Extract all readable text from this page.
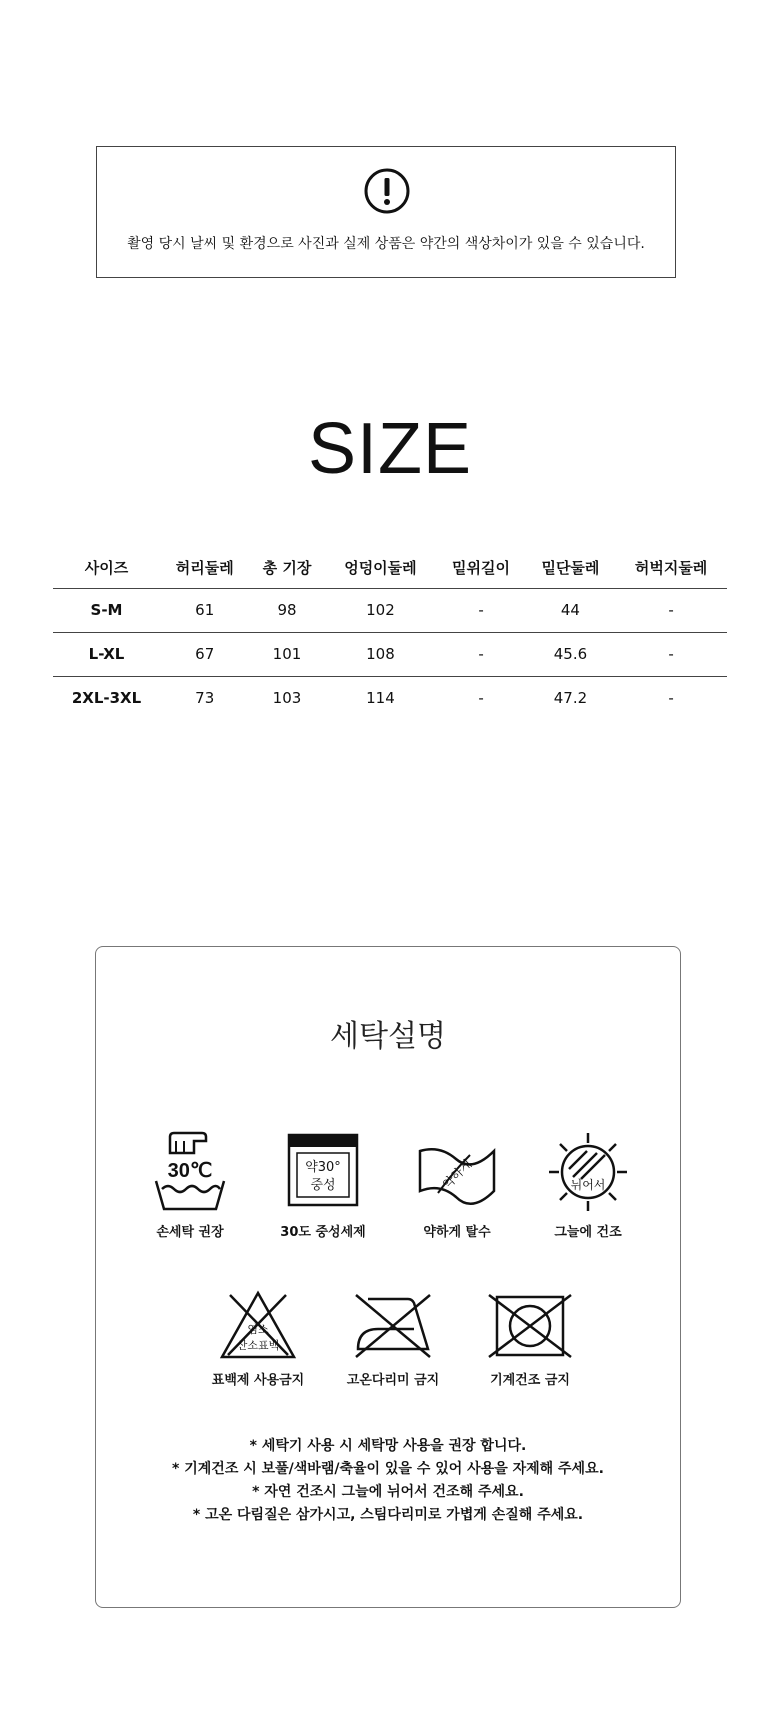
촬영 당시 날씨 및 환경으로 사진과 실제 상품은 약간의 색상차이가 있을 수 있습니다.
SIZE
사이즈	허리둘레	총 기장	엉덩이둘레	밑위길이	밑단둘레	허벅지둘레
S-M	61	98	102	-	44	-
L-XL	67	101	108	-	45.6	-
2XL-3XL	73	103	114	-	47.2	-
세탁설명
30℃
손세탁 권장
약30°
중성
30도 중성세제
약하게
약하게 탈수
뉘어서
그늘에 건조
염소
산소표백
표백제 사용금지	고온다리미 금지	기계건조 금지

* 세탁기 사용 시 세탁망 사용을 권장 합니다.

* 기계건조 시 보풀/색바램/축율이 있을 수 있어 사용을 자제해 주세요.

* 자연 건조시 그늘에 뉘어서 건조해 주세요.

* 고온 다림질은 삼가시고, 스팀다리미로 가볍게 손질해 주세요.
